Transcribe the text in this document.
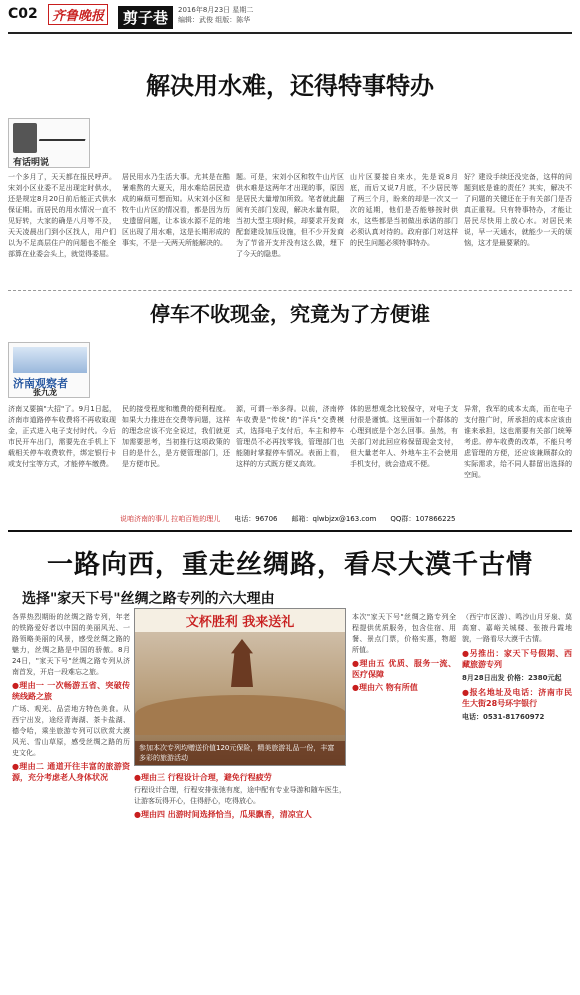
C02	齐鲁晚报	剪子巷	2016年8月23日 星期二
编辑：武俊 组版：陈华
解决用水难，还得特事特办
有话明说

一个多月了，天天都在报民呼声。宋刘小区业委不足出现定时供水，还是规定8月20日前后能正式供水保证期。而居民的用水情况一直不见好转，大家的确是八月等不及，天天凌晨出门到小区找人，用户们以为不足高层住户的问题也不能全部算在业委会头上，就觉得委屈。

居民用水乃生活大事。尤其是在酷暑难熬的大夏天，用水难给居民造成的麻烦可想而知。从宋刘小区和牧牛山片区的情况看，都是因为历史遗留问题，让本该水源不足的地区出现了用水难，这是长期形成的事实，不是一天两天所能解决的。

题。可是，宋刘小区和牧牛山片区供水难是这两年才出现的事，原因是居民大量增加所致。笔者就此翻阅有关部门发现，解决水量有限，当初大型主项时候，却要求开发商配套建设加压设施，但不少开发商为了节省开支并没有这么做，埋下了今天的隐患。

山片区要接自来水，先是说8月底，而后又说7月底，不少居民等了两三个月，盼来的却是一次又一次的延期，他们是否能够按时供水，这些都是当初做出承诺的部门必须认真对待的。政府部门对这样的民生问题必须特事特办。

好？建设手续还没完备，这样的问题到底是谁的责任？其实，解决不了问题的关键还在于有关部门是否真正重视。只有特事特办，才能让居民尽快用上放心水。对居民来说，早一天通水，就能少一天的烦恼，这才是最要紧的。

停车不收现金，究竟为了方便谁
济南观察者
张九龙

济南又要搞"大招"了。9月1日起，济南市道路停车收费将不再收取现金，正式进入电子支付时代。今后市民开车出门，需要先在手机上下载相关停车收费软件，绑定银行卡或支付宝等方式，才能停车缴费。

民的接受程度和缴费的便利程度。如果大力推进在交费等问题，这样的理念应该不完全说过，我们就更加需要思考，当初推行这项政策的目的是什么，是方便管理部门，还是方便市民。

源，可谓一举多得。以前，济南停车收费是"传统"的"洋兵"交费模式，选择电子支付后，车主和停车管理员不必再找零钱，管理部门也能随时掌握停车情况。表面上看，这样的方式既方便又高效。

体的思想观念比较保守，对电子支付很是谨慎。这里面如一个群体的心理到底是个怎么回事。虽然，有关部门对此回应称保留现金支付，但大量老年人、外地车主不会使用手机支付，就会造成不便。

异常，我军的成本太高，而在电子支付推广时，所承担的成本应该由谁来承担，这也需要有关部门统筹考虑。停车收费的改革，不能只考虑管理的方便，还应该兼顾群众的实际需求，给不同人群留出选择的空间。

说咱济南的事儿 拉咱百姓的理儿 电话：96706 邮箱：qlwbjzx@163.com QQ群：107866225
一路向西，重走丝绸路，看尽大漠千古情
选择"家天下号"丝绸之路专列的六大理由

各界热烈期盼的丝绸之路专列，年老的铁路爱好者以中国的美丽风光、一路领略美丽的风景，感受丝绸之路的魅力，丝绸之路是中国的骄傲。8月24日，"家天下号"丝绸之路专列从济南首发，开启一段难忘之旅。

●理由一 一次畅游五省、突破传统线路之旅

广场、观光、品尝地方特色美食。从西宁出发，途经青海湖、茶卡盐湖、德令哈，乘坐旅游专列可以欣赏大漠风光、雪山草原，感受丝绸之路的历史文化。

●理由二 通道开往丰富的旅游资源，充分考虑老人身体状况

文杯胜利 我来送礼
参加本次专列均赠送价值120元保险，精美旅游礼品一份，丰富多彩的旅游活动

●理由三 行程设计合理，避免行程疲劳

行程设计合理，行程安排张弛有度，途中配有专业导游和随车医生，让游客玩得开心，住得舒心，吃得放心。

●理由四 出游时间选择恰当，瓜果飘香，清凉宜人

本次"家天下号"丝绸之路专列全程提供优质服务，包含住宿、用餐、景点门票，价格实惠，物超所值。

●理由五 优质、服务一流、医疗保障

●理由六 物有所值

（西宁市区游）、鸣沙山月牙泉、莫高窟、嘉峪关城楼、张掖丹霞地貌，一路看尽大漠千古情。

●另推出：家天下号假期、西藏旅游专列

8月28日出发 价格：2380元起

●报名地址及电话：济南市民生大街28号环宇银行

电话：0531-81760972
